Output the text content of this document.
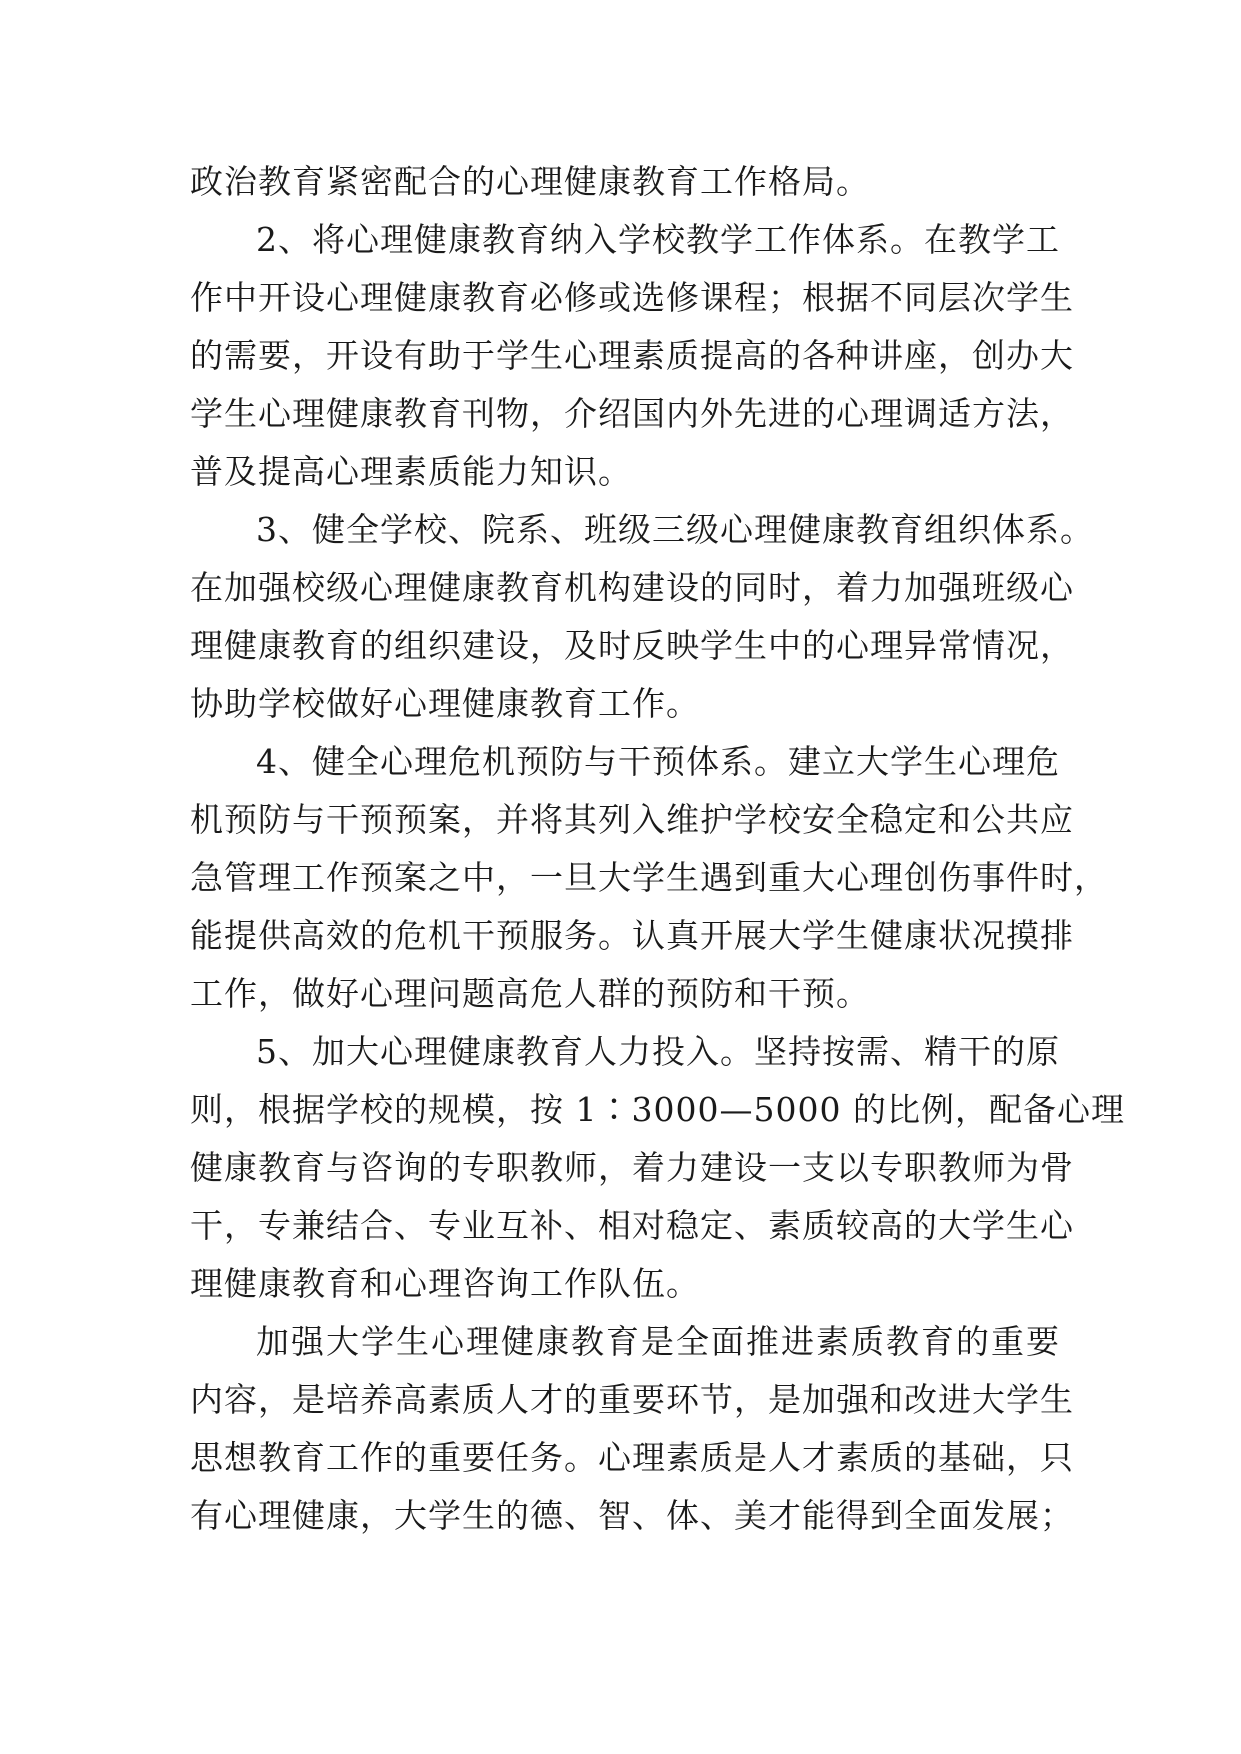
政治教育紧密配合的心理健康教育工作格局。
2、将心理健康教育纳入学校教学工作体系。在教学工
作中开设心理健康教育必修或选修课程；根据不同层次学生
的需要，开设有助于学生心理素质提高的各种讲座，创办大
学生心理健康教育刊物，介绍国内外先进的心理调适方法，
普及提高心理素质能力知识。
3、健全学校、院系、班级三级心理健康教育组织体系。
在加强校级心理健康教育机构建设的同时，着力加强班级心
理健康教育的组织建设，及时反映学生中的心理异常情况，
协助学校做好心理健康教育工作。
4、健全心理危机预防与干预体系。建立大学生心理危
机预防与干预预案，并将其列入维护学校安全稳定和公共应
急管理工作预案之中，一旦大学生遇到重大心理创伤事件时，
能提供高效的危机干预服务。认真开展大学生健康状况摸排
工作，做好心理问题高危人群的预防和干预。
5、加大心理健康教育人力投入。坚持按需、精干的原
则，根据学校的规模，按 1∶3000—5000 的比例，配备心理
健康教育与咨询的专职教师，着力建设一支以专职教师为骨
干，专兼结合、专业互补、相对稳定、素质较高的大学生心
理健康教育和心理咨询工作队伍。
加强大学生心理健康教育是全面推进素质教育的重要
内容，是培养高素质人才的重要环节，是加强和改进大学生
思想教育工作的重要任务。心理素质是人才素质的基础，只
有心理健康，大学生的德、智、体、美才能得到全面发展；
